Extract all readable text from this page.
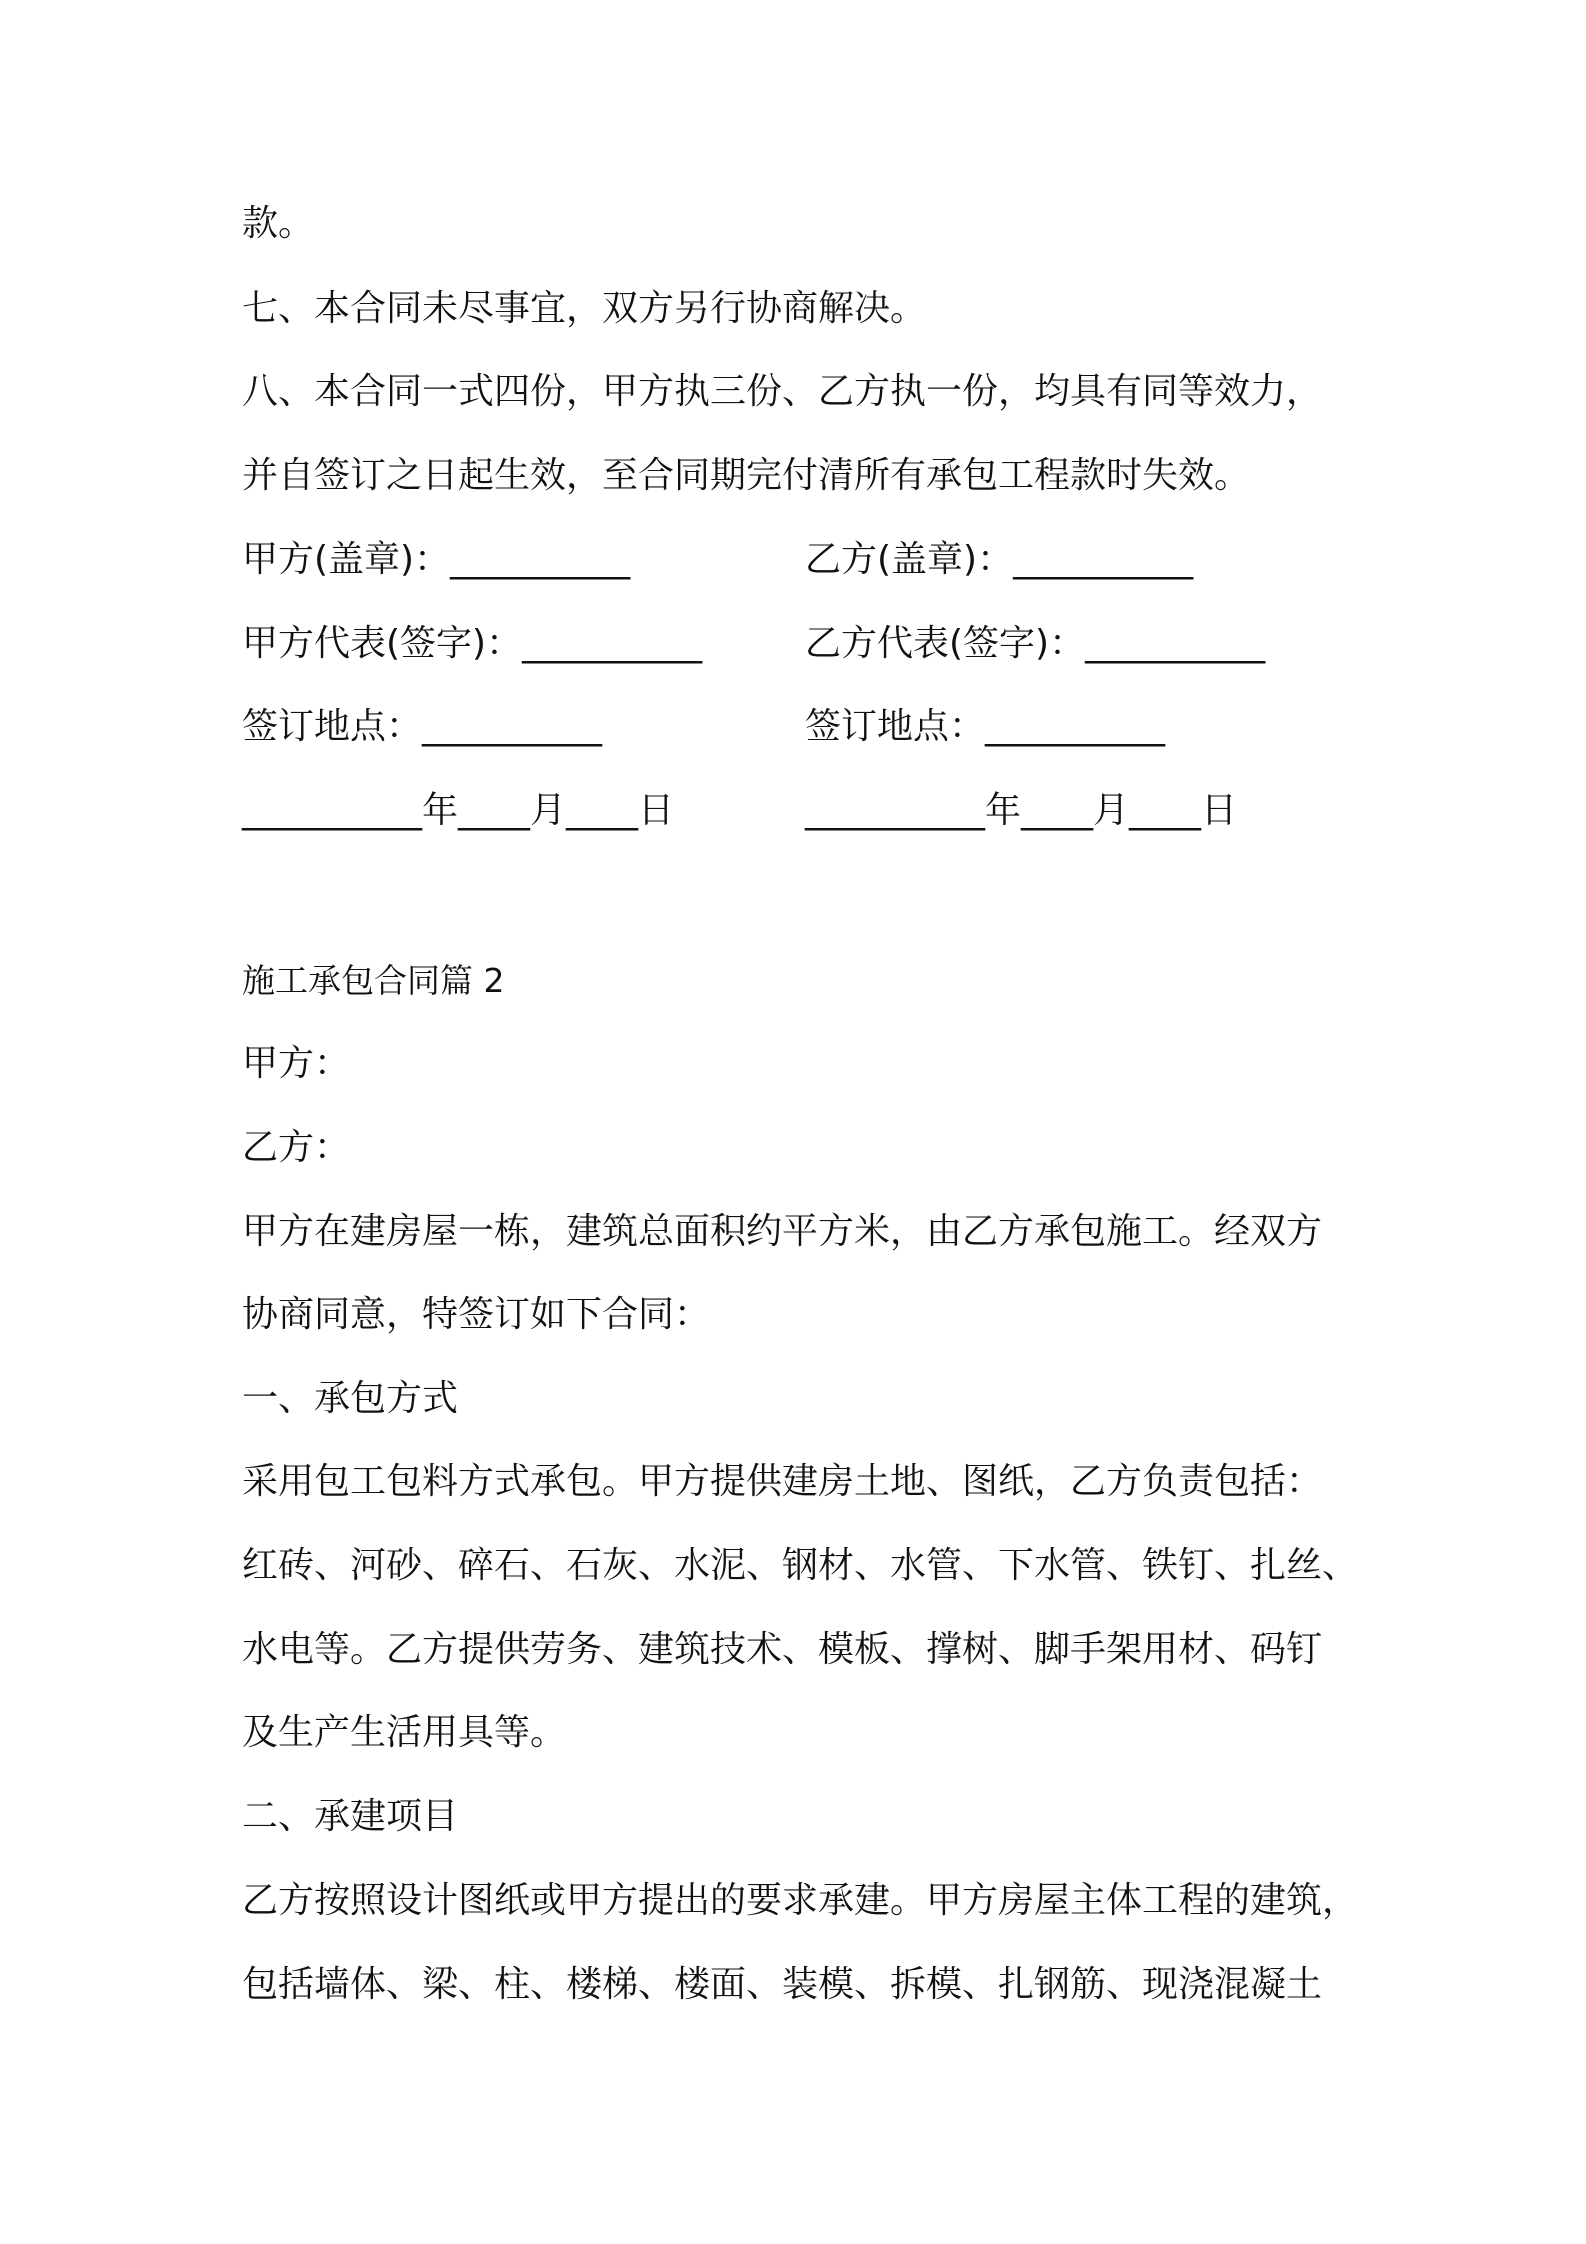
款。
七、本合同未尽事宜，双方另行协商解决。
八、本合同一式四份，甲方执三份、乙方执一份，均具有同等效力，
并自签订之日起生效，至合同期完付清所有承包工程款时失效。
甲方(盖章)：__________	乙方(盖章)：__________
甲方代表(签字)：__________	乙方代表(签字)：__________
签订地点：__________	签订地点：__________
__________年____月____日	__________年____月____日
施工承包合同篇 2
甲方：
乙方：
甲方在建房屋一栋，建筑总面积约平方米，由乙方承包施工。经双方
协商同意，特签订如下合同：
一、承包方式
采用包工包料方式承包。甲方提供建房土地、图纸，乙方负责包括：
红砖、河砂、碎石、石灰、水泥、钢材、水管、下水管、铁钉、扎丝、
水电等。乙方提供劳务、建筑技术、模板、撑树、脚手架用材、码钉
及生产生活用具等。
二、承建项目
乙方按照设计图纸或甲方提出的要求承建。甲方房屋主体工程的建筑，
包括墙体、梁、柱、楼梯、楼面、装模、拆模、扎钢筋、现浇混凝土
